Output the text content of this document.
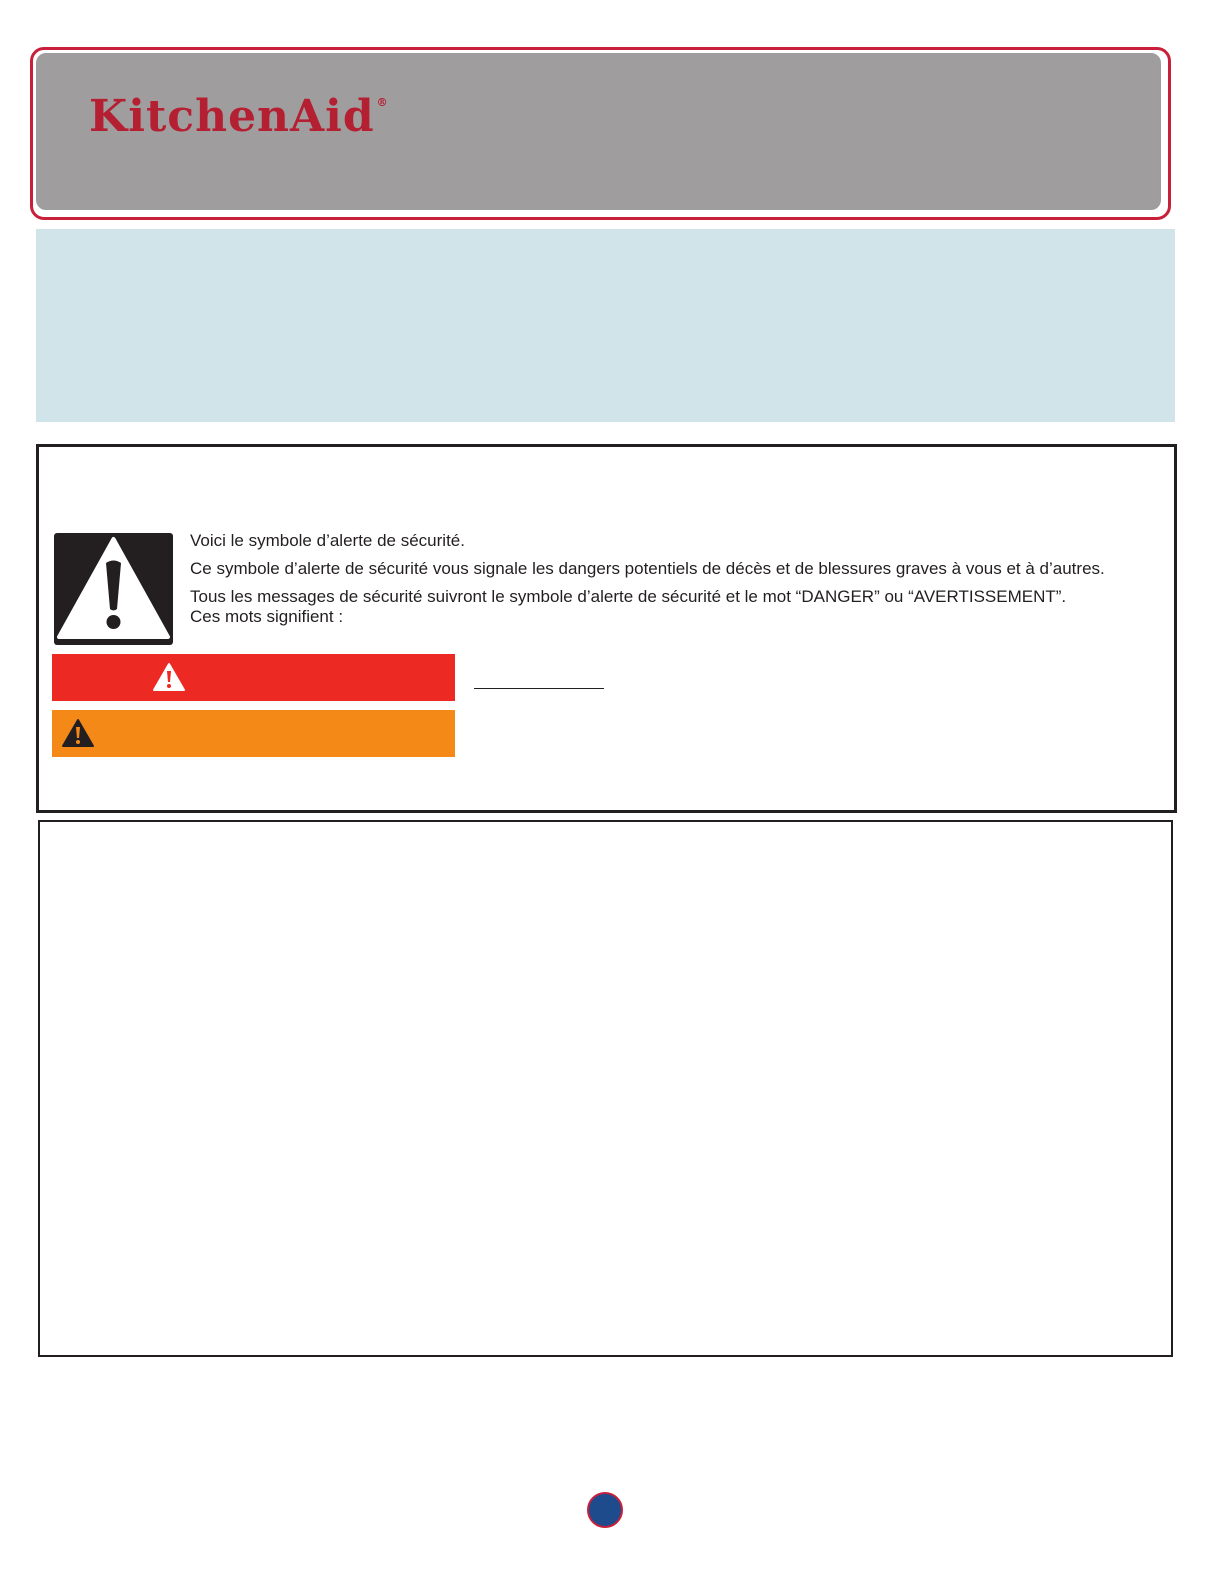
KitchenAid ®

Voici le symbole d’alerte de sécurité.

Ce symbole d’alerte de sécurité vous signale les dangers potentiels de décès et de blessures graves à vous et à d’autres.

Tous les messages de sécurité suivront le symbole d’alerte de sécurité et le mot “DANGER” ou “AVERTISSEMENT”.

Ces mots signifient :
